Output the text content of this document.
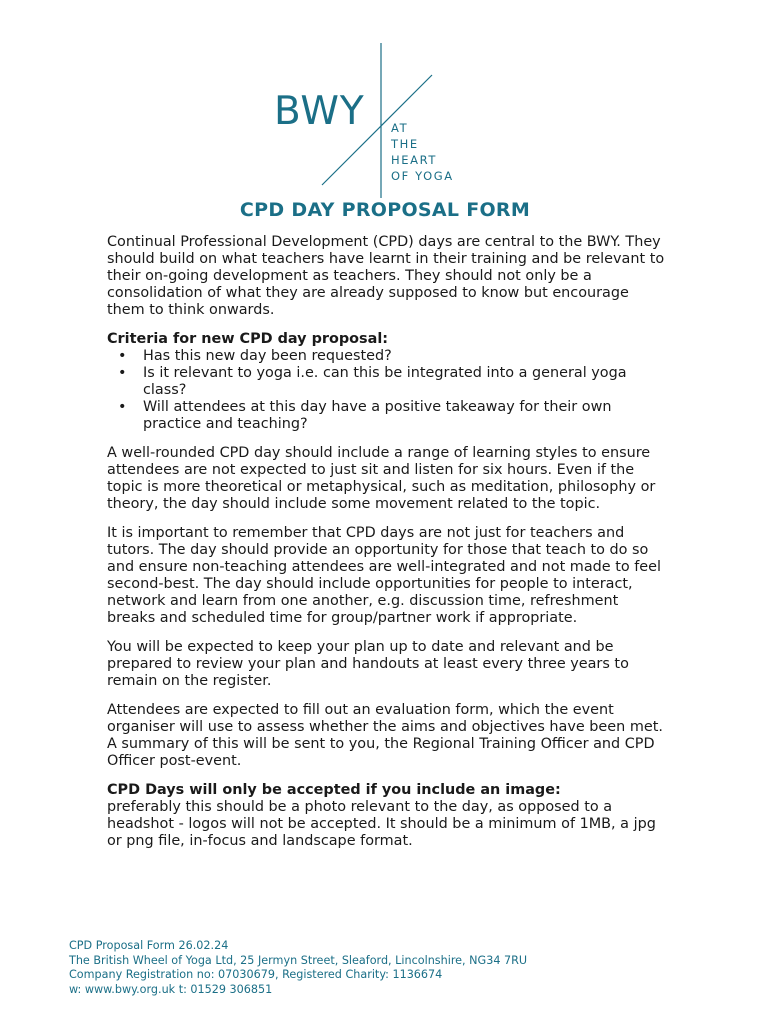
BWY AT
THE
HEART
OF YOGA
CPD DAY PROPOSAL FORM

Continual Professional Development (CPD) days are central to the BWY. They should build on what teachers have learnt in their training and be relevant to their on-going development as teachers. They should not only be a consolidation of what they are already supposed to know but encourage them to think onwards.

Criteria for new CPD day proposal:

• Has this new day been requested?
• Is it relevant to yoga i.e. can this be integrated into a general yoga class?
• Will attendees at this day have a positive takeaway for their own practice and teaching?

A well-rounded CPD day should include a range of learning styles to ensure attendees are not expected to just sit and listen for six hours. Even if the topic is more theoretical or metaphysical, such as meditation, philosophy or theory, the day should include some movement related to the topic.

It is important to remember that CPD days are not just for teachers and tutors. The day should provide an opportunity for those that teach to do so and ensure non-teaching attendees are well-integrated and not made to feel second-best. The day should include opportunities for people to interact, network and learn from one another, e.g. discussion time, refreshment breaks and scheduled time for group/partner work if appropriate.

You will be expected to keep your plan up to date and relevant and be prepared to review your plan and handouts at least every three years to remain on the register.

Attendees are expected to fill out an evaluation form, which the event organiser will use to assess whether the aims and objectives have been met. A summary of this will be sent to you, the Regional Training Officer and CPD Officer post-event.

CPD Days will only be accepted if you include an image:

preferably this should be a photo relevant to the day, as opposed to a headshot - logos will not be accepted. It should be a minimum of 1MB, a jpg or png file, in-focus and landscape format.

CPD Proposal Form 26.02.24
The British Wheel of Yoga Ltd, 25 Jermyn Street, Sleaford, Lincolnshire, NG34 7RU
Company Registration no: 07030679, Registered Charity: 1136674
w: www.bwy.org.uk t: 01529 306851
